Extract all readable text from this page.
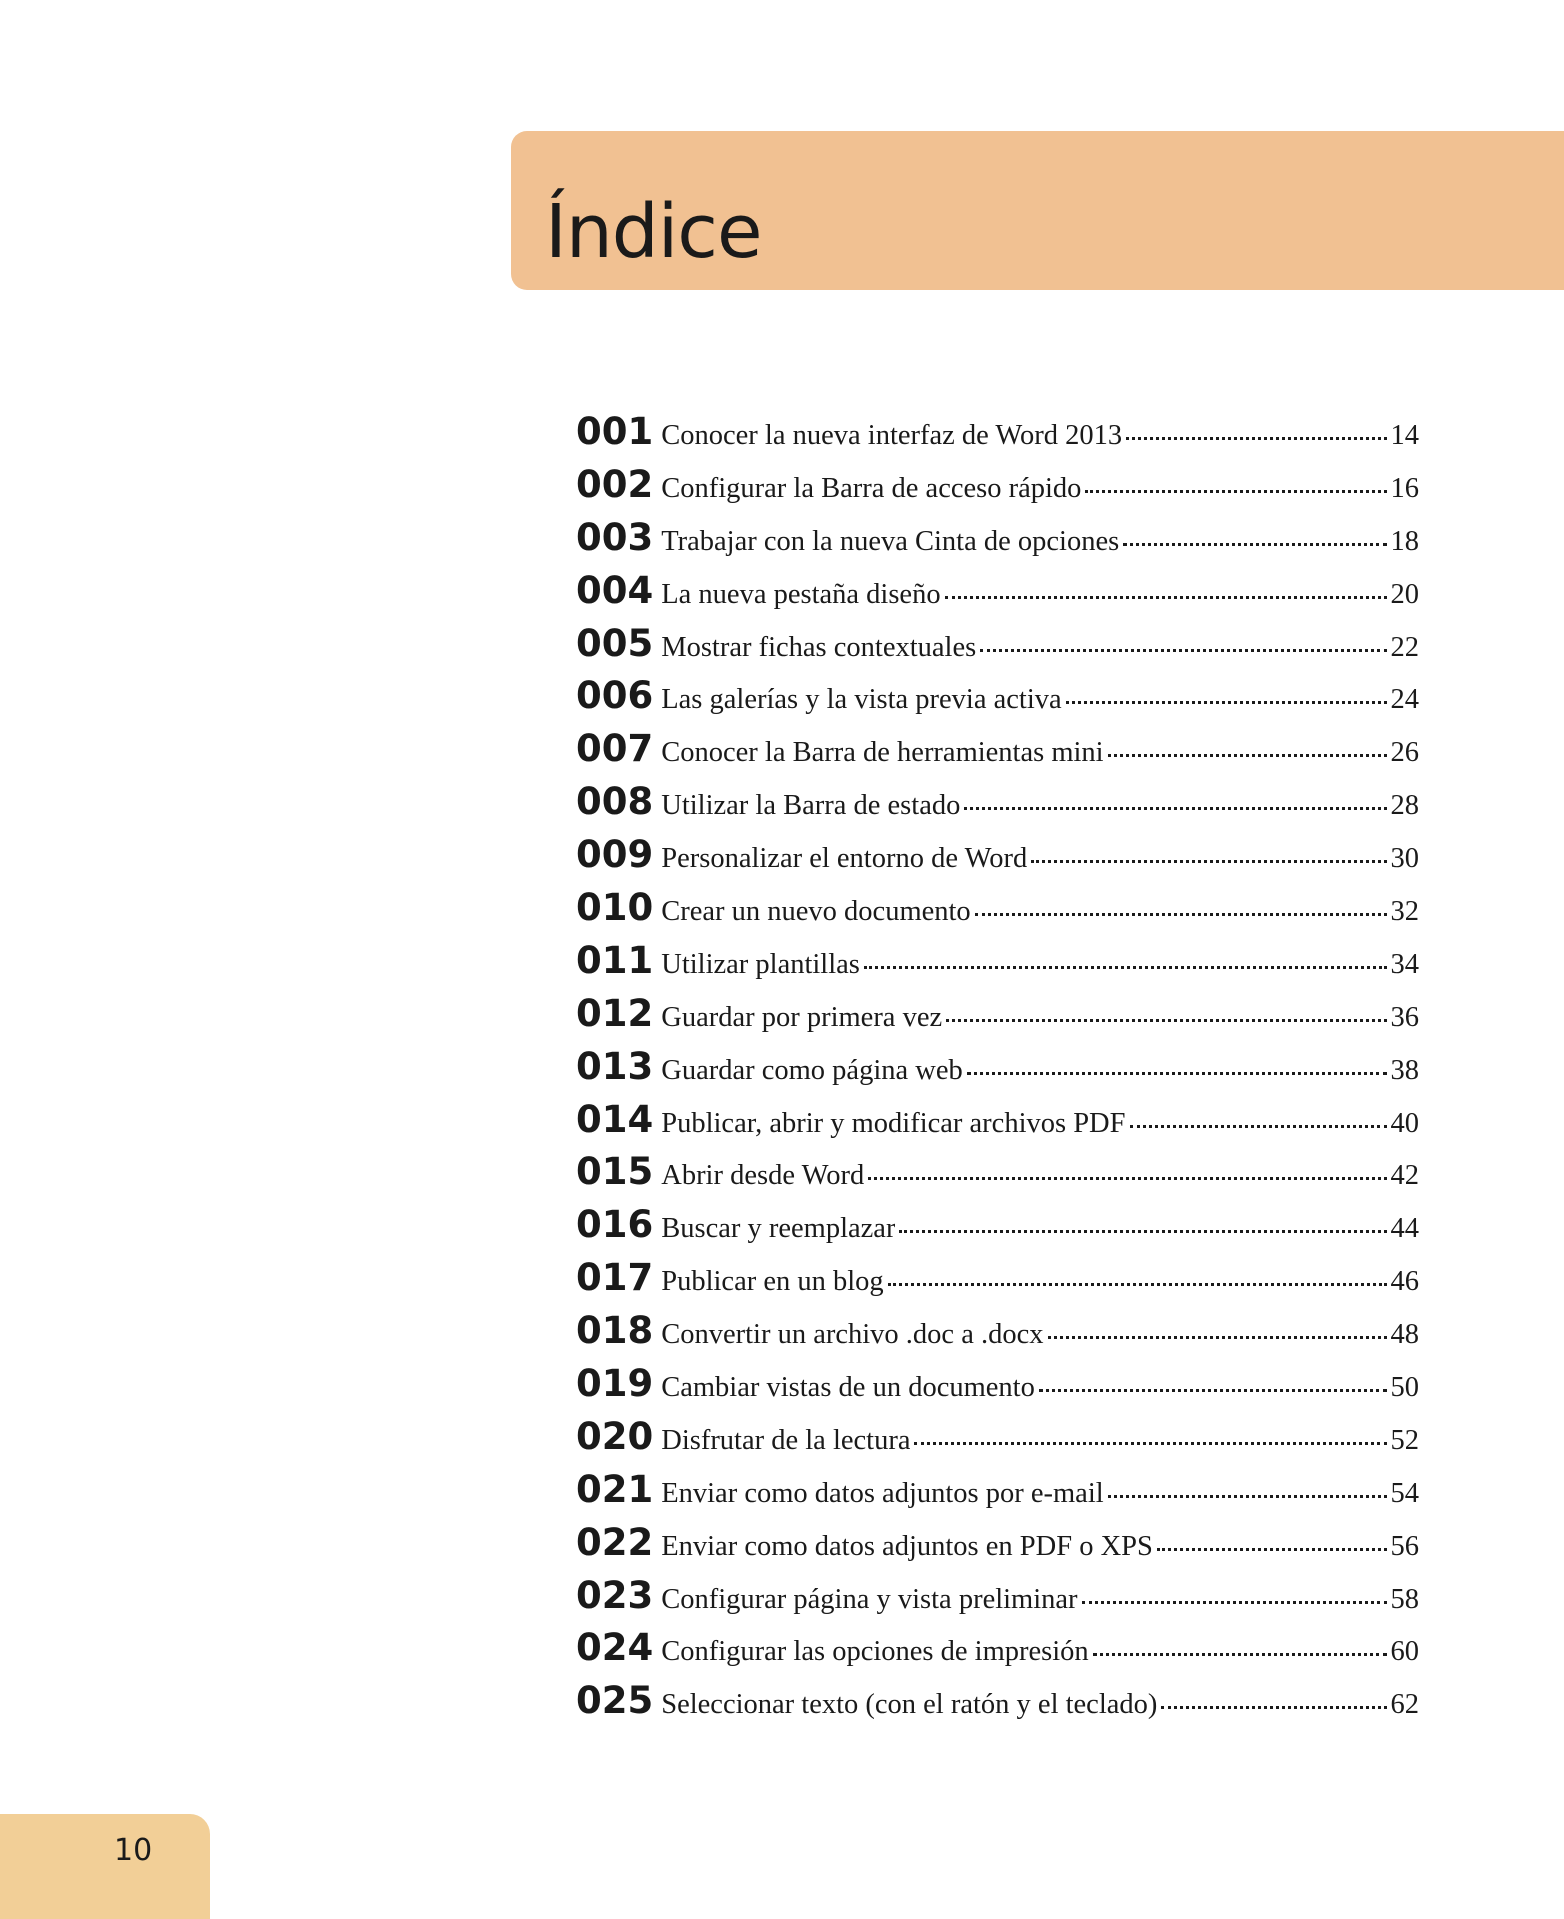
Índice
001 Conocer la nueva interfaz de Word 2013	14
002 Configurar la Barra de acceso rápido	16
003 Trabajar con la nueva Cinta de opciones	18
004 La nueva pestaña diseño	20
005 Mostrar fichas contextuales	22
006 Las galerías y la vista previa activa	24
007 Conocer la Barra de herramientas mini	26
008 Utilizar la Barra de estado	28
009 Personalizar el entorno de Word	30
010 Crear un nuevo documento	32
011 Utilizar plantillas	34
012 Guardar por primera vez	36
013 Guardar como página web	38
014 Publicar, abrir y modificar archivos PDF	40
015 Abrir desde Word	42
016 Buscar y reemplazar	44
017 Publicar en un blog	46
018 Convertir un archivo .doc a .docx	48
019 Cambiar vistas de un documento	50
020 Disfrutar de la lectura	52
021 Enviar como datos adjuntos por e-mail	54
022 Enviar como datos adjuntos en PDF o XPS	56
023 Configurar página y vista preliminar	58
024 Configurar las opciones de impresión	60
025 Seleccionar texto (con el ratón y el teclado)	62
10
